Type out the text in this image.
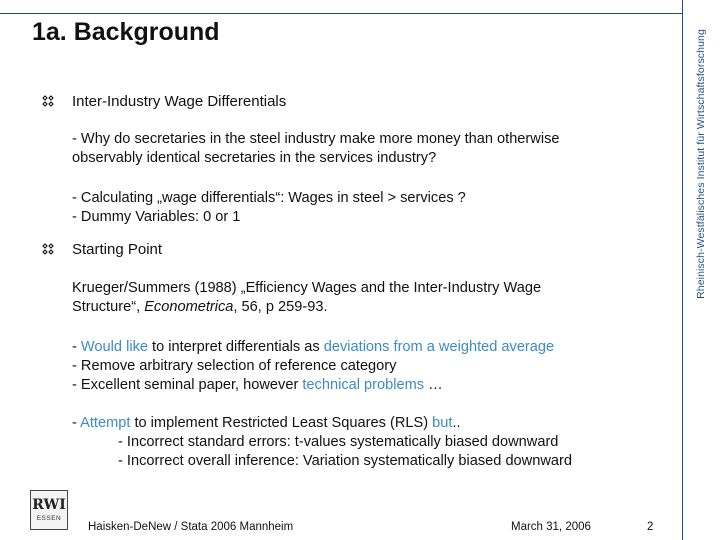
Rheinisch-Westfälisches Institut für Wirtschaftsforschung
1a. Background
Inter-Industry Wage Differentials
- Why do secretaries in the steel industry make more money than otherwise
observably identical secretaries in the services industry?
- Calculating „wage differentials“: Wages in steel > services ?
- Dummy Variables: 0 or 1
Starting Point
Krueger/Summers (1988) „Efficiency Wages and the Inter-Industry Wage
Structure“, Econometrica, 56, p 259-93.
- Would like to interpret differentials as deviations from a weighted average
- Remove arbitrary selection of reference category
- Excellent seminal paper, however technical problems …
- Attempt to implement Restricted Least Squares (RLS) but..
- Incorrect standard errors: t-values systematically biased downward
- Incorrect overall inference: Variation systematically biased downward
RWI
ESSEN
Haisken-DeNew / Stata 2006 Mannheim	March 31, 2006	2
